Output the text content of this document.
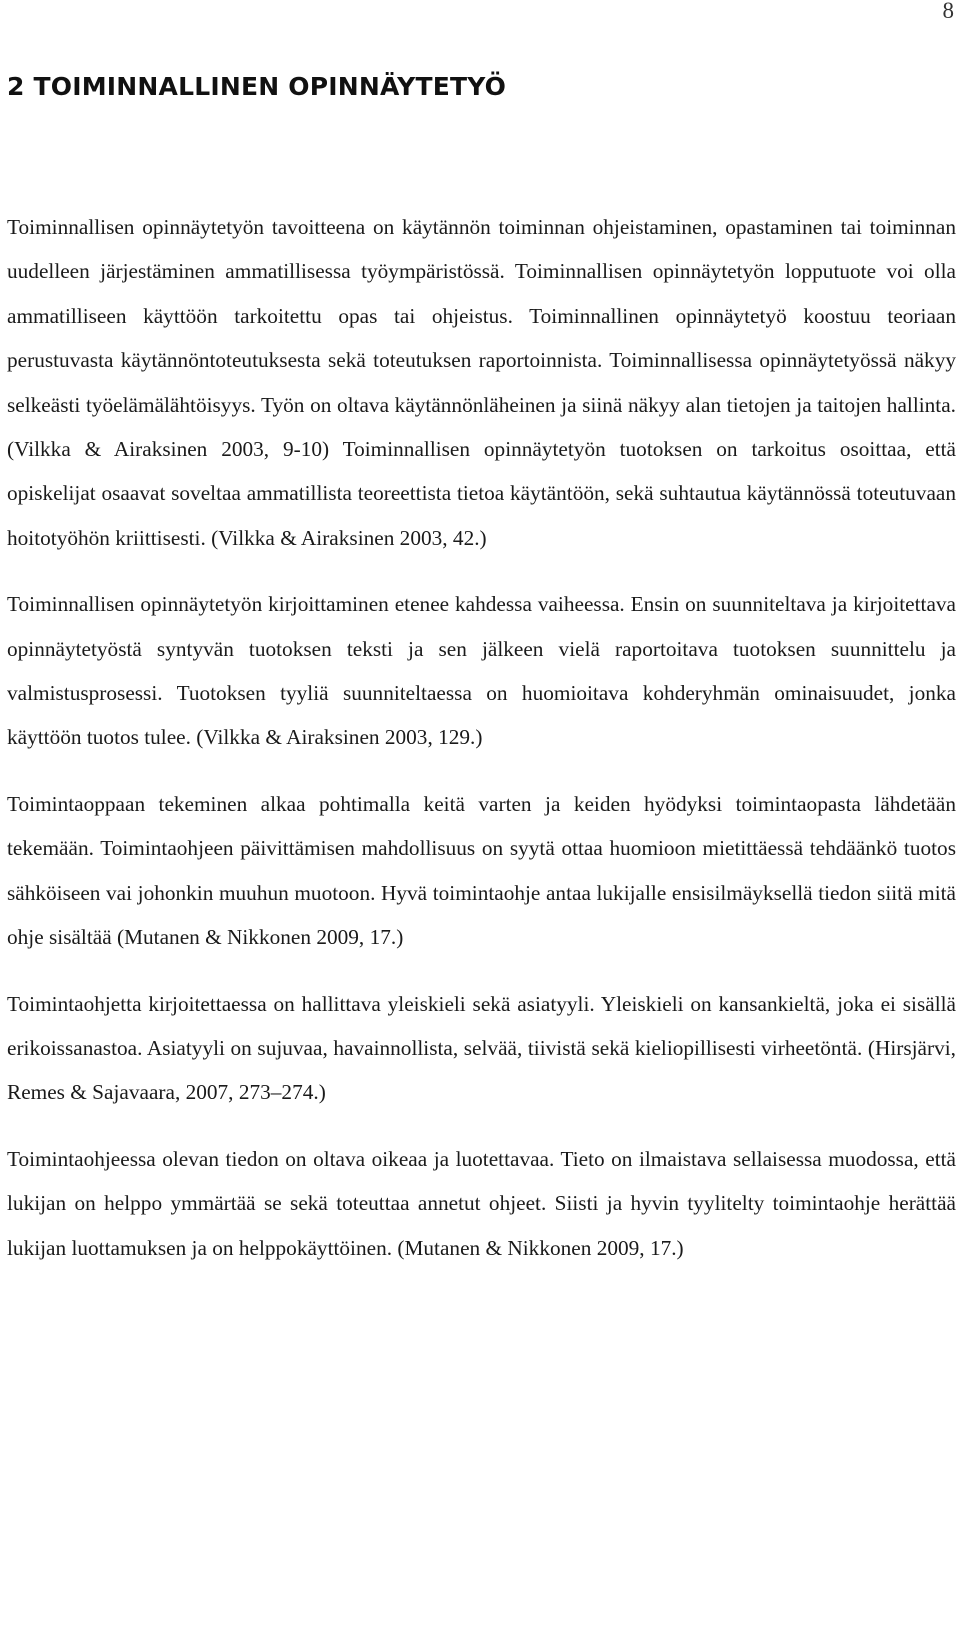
8
2 TOIMINNALLINEN OPINNÄYTETYÖ

Toiminnallisen opinnäytetyön tavoitteena on käytännön toiminnan ohjeistaminen, opastaminen tai toiminnan uudelleen järjestäminen ammatillisessa työympäristössä. Toiminnallisen opinnäytetyön lopputuote voi olla ammatilliseen käyttöön tarkoitettu opas tai ohjeistus. Toiminnallinen opinnäytetyö koostuu teoriaan perustuvasta käytännöntoteutuksesta sekä toteutuksen raportoinnista. Toiminnallisessa opinnäytetyössä näkyy selkeästi työelämälähtöisyys. Työn on oltava käytännönläheinen ja siinä näkyy alan tietojen ja taitojen hallinta.(Vilkka & Airaksinen 2003, 9-10) Toiminnallisen opinnäytetyön tuotoksen on tarkoitus osoittaa, että opiskelijat osaavat soveltaa ammatillista teoreettista tietoa käytäntöön, sekä suhtautua käytännössä toteutuvaan hoitotyöhön kriittisesti. (Vilkka & Airaksinen 2003, 42.)

Toiminnallisen opinnäytetyön kirjoittaminen etenee kahdessa vaiheessa. Ensin on suunniteltava ja kirjoitettava opinnäytetyöstä syntyvän tuotoksen teksti ja sen jälkeen vielä raportoitava tuotoksen suunnittelu ja valmistusprosessi. Tuotoksen tyyliä suunniteltaessa on huomioitava kohderyhmän ominaisuudet, jonka käyttöön tuotos tulee. (Vilkka & Airaksinen 2003, 129.)

Toimintaoppaan tekeminen alkaa pohtimalla keitä varten ja keiden hyödyksi toimintaopasta lähdetään tekemään. Toimintaohjeen päivittämisen mahdollisuus on syytä ottaa huomioon mietittäessä tehdäänkö tuotos sähköiseen vai johonkin muuhun muotoon. Hyvä toimintaohje antaa lukijalle ensisilmäyksellä tiedon siitä mitä ohje sisältää (Mutanen & Nikkonen 2009, 17.)

Toimintaohjetta kirjoitettaessa on hallittava yleiskieli sekä asiatyyli. Yleiskieli on kansankieltä, joka ei sisällä erikoissanastoa. Asiatyyli on sujuvaa, havainnollista, selvää, tiivistä sekä kieliopillisesti virheetöntä. (Hirsjärvi, Remes & Sajavaara, 2007, 273–274.)

Toimintaohjeessa olevan tiedon on oltava oikeaa ja luotettavaa. Tieto on ilmaistava sellaisessa muodossa, että lukijan on helppo ymmärtää se sekä toteuttaa annetut ohjeet. Siisti ja hyvin tyylitelty toimintaohje herättää lukijan luottamuksen ja on helppokäyttöinen. (Mutanen & Nikkonen 2009, 17.)
